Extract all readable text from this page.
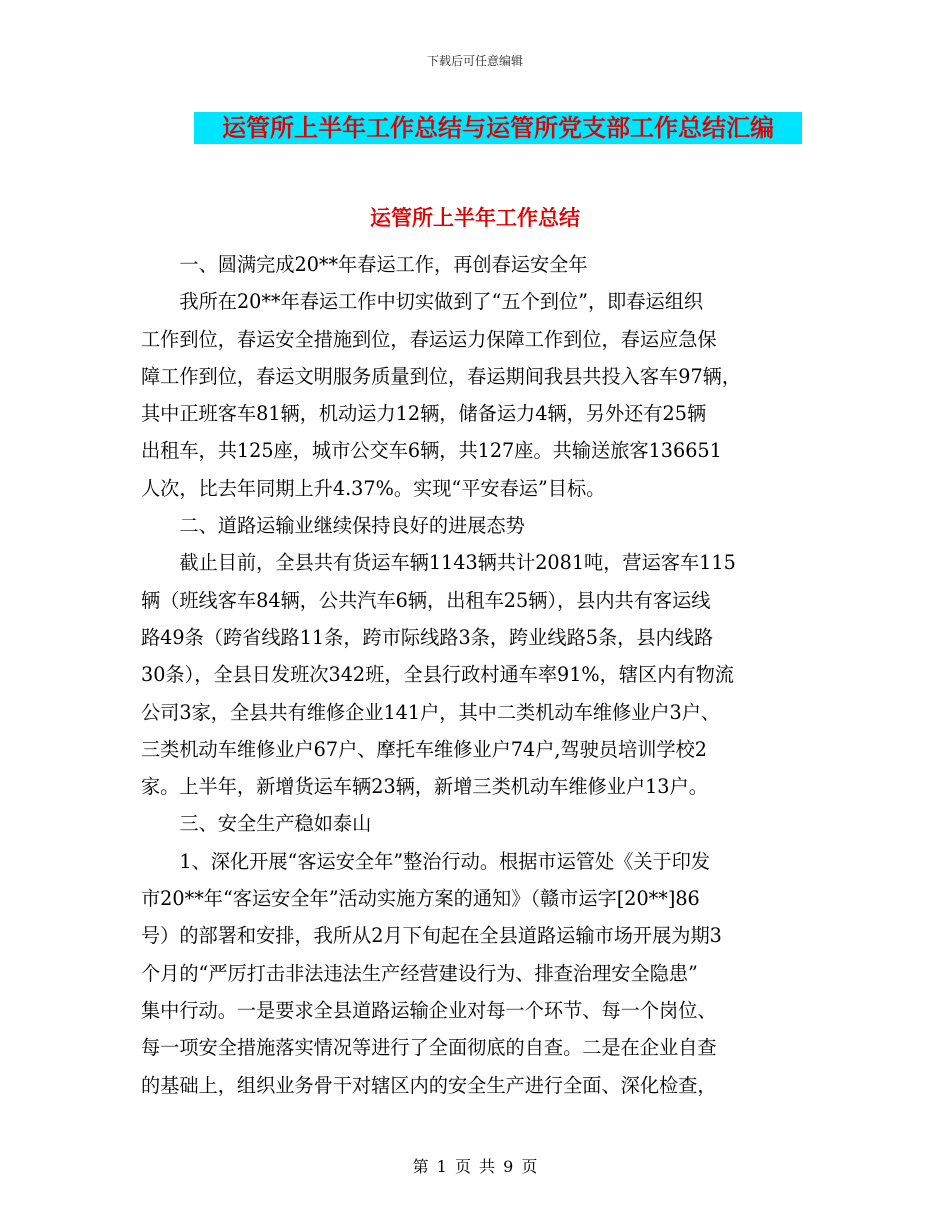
下载后可任意编辑
运管所上半年工作总结与运管所党支部工作总结汇编
运管所上半年工作总结

一、圆满完成20**年春运工作，再创春运安全年

我所在20**年春运工作中切实做到了“五个到位”，即春运组织

工作到位，春运安全措施到位，春运运力保障工作到位，春运应急保

障工作到位，春运文明服务质量到位，春运期间我县共投入客车97辆，

其中正班客车81辆，机动运力12辆，储备运力4辆，另外还有25辆

出租车，共125座，城市公交车6辆，共127座。共输送旅客136651

人次，比去年同期上升4.37%。实现“平安春运”目标。

二、道路运输业继续保持良好的进展态势

截止目前，全县共有货运车辆1143辆共计2081吨，营运客车115

辆（班线客车84辆，公共汽车6辆，出租车25辆），县内共有客运线

路49条（跨省线路11条，跨市际线路3条，跨业线路5条，县内线路

30条），全县日发班次342班，全县行政村通车率91%，辖区内有物流

公司3家，全县共有维修企业141户，其中二类机动车维修业户3户、

三类机动车维修业户67户、摩托车维修业户74户,驾驶员培训学校2

家。上半年，新增货运车辆23辆，新增三类机动车维修业户13户。

三、安全生产稳如泰山

1、深化开展“客运安全年”整治行动。根据市运管处《关于印发

市20**年“客运安全年”活动实施方案的通知》（赣市运字[20**]86

号）的部署和安排，我所从2月下旬起在全县道路运输市场开展为期3

个月的“严厉打击非法违法生产经营建设行为、排查治理安全隐患”

集中行动。一是要求全县道路运输企业对每一个环节、每一个岗位、

每一项安全措施落实情况等进行了全面彻底的自查。二是在企业自查

的基础上，组织业务骨干对辖区内的安全生产进行全面、深化检查，

第 1 页 共 9 页
